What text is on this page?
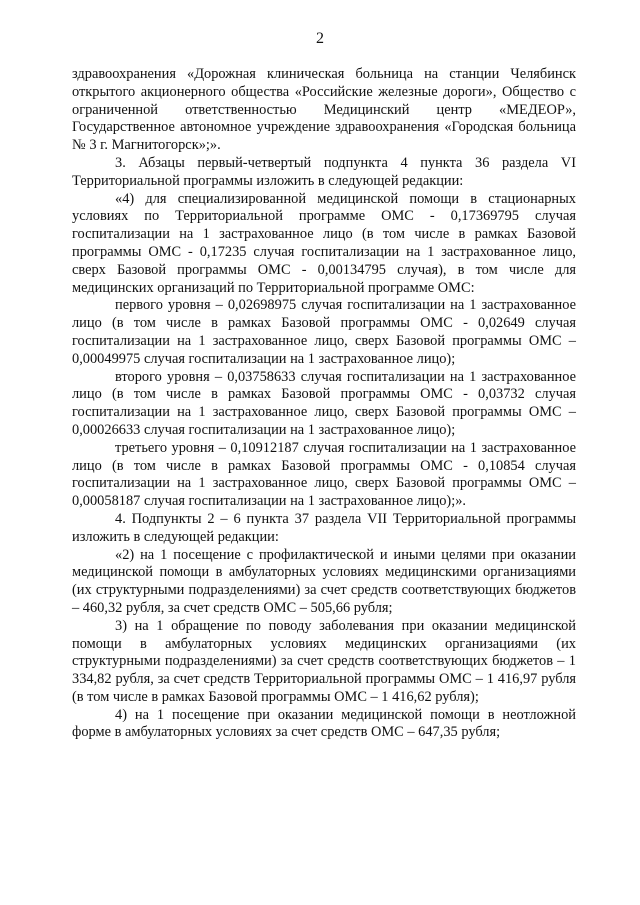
2

здравоохранения «Дорожная клиническая больница на станции Челябинск открытого акционерного общества «Российские железные дороги», Общество с ограниченной ответственностью Медицинский центр «МЕДЕОР», Государственное автономное учреждение здравоохранения «Городская больница № 3 г. Магнитогорск»;».

3. Абзацы первый-четвертый подпункта 4 пункта 36 раздела VI Территориальной программы изложить в следующей редакции:

«4) для специализированной медицинской помощи в стационарных условиях по Территориальной программе ОМС - 0,17369795 случая госпитализации на 1 застрахованное лицо (в том числе в рамках Базовой программы ОМС - 0,17235 случая госпитализации на 1 застрахованное лицо, сверх Базовой программы ОМС - 0,00134795 случая), в том числе для медицинских организаций по Территориальной программе ОМС:

первого уровня – 0,02698975 случая госпитализации на 1 застрахованное лицо (в том числе в рамках Базовой программы ОМС - 0,02649 случая госпитализации на 1 застрахованное лицо, сверх Базовой программы ОМС – 0,00049975 случая госпитализации на 1 застрахованное лицо);

второго уровня – 0,03758633 случая госпитализации на 1 застрахованное лицо (в том числе в рамках Базовой программы ОМС - 0,03732 случая госпитализации на 1 застрахованное лицо, сверх Базовой программы ОМС – 0,00026633 случая госпитализации на 1 застрахованное лицо);

третьего уровня – 0,10912187 случая госпитализации на 1 застрахованное лицо (в том числе в рамках Базовой программы ОМС - 0,10854 случая госпитализации на 1 застрахованное лицо, сверх Базовой программы ОМС – 0,00058187 случая госпитализации на 1 застрахованное лицо);».

4. Подпункты 2 – 6 пункта 37 раздела VII Территориальной программы изложить в следующей редакции:

«2) на 1 посещение с профилактической и иными целями при оказании медицинской помощи в амбулаторных условиях медицинскими организациями (их структурными подразделениями) за счет средств соответствующих бюджетов – 460,32 рубля, за счет средств ОМС – 505,66 рубля;

3) на 1 обращение по поводу заболевания при оказании медицинской помощи в амбулаторных условиях медицинских организациями (их структурными подразделениями) за счет средств соответствующих бюджетов – 1 334,82 рубля, за счет средств Территориальной программы ОМС – 1 416,97 рубля (в том числе в рамках Базовой программы ОМС – 1 416,62 рубля);

4) на 1 посещение при оказании медицинской помощи в неотложной форме в амбулаторных условиях за счет средств ОМС – 647,35 рубля;
